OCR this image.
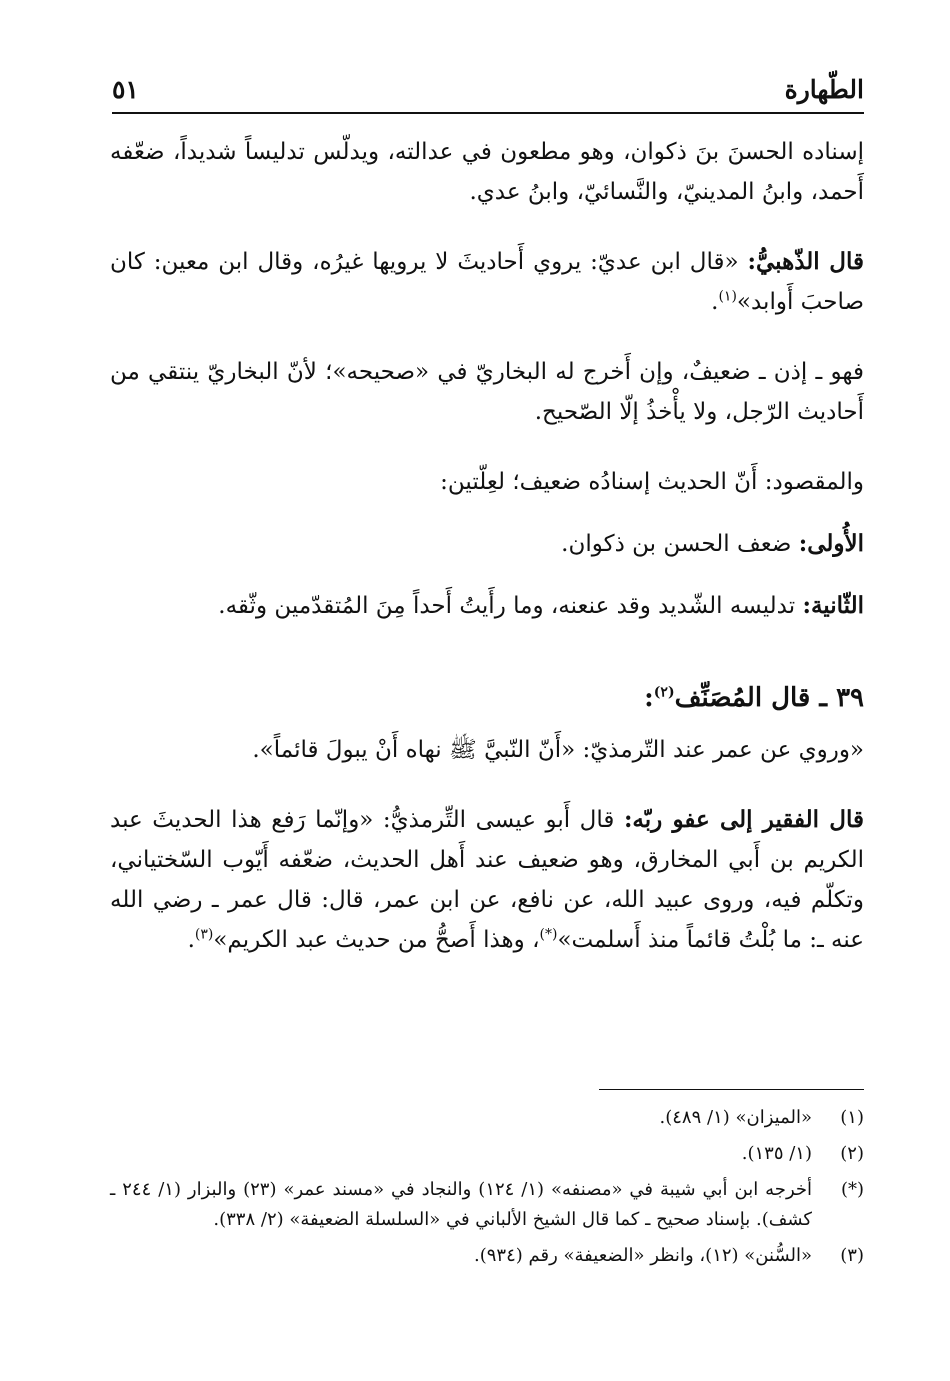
٥١	الطّهارة

إسناده الحسنَ بنَ ذكوان، وهو مطعون في عدالته، ويدلّس تدليساً شديداً، ضعّفه أَحمد، وابنُ المدينيّ، والنَّسائيّ، وابنُ عدي.

قال الذّهبيُّ: «قال ابن عديّ: يروي أَحاديثَ لا يرويها غيرُه، وقال ابن معين: كان صاحبَ أَوابد»$^{(١)}$.

فهو ـ إذن ـ ضعيفٌ، وإن أَخرج له البخاريّ في «صحيحه»؛ لأنّ البخاريّ ينتقي من أَحاديث الرّجل، ولا يأْخذُ إلّا الصّحيح.

والمقصود: أَنّ الحديث إسنادُه ضعيف؛ لعِلّتين:

الأُولى: ضعف الحسن بن ذكوان.

الثّانية: تدليسه الشّديد وقد عنعنه، وما رأَيتُ أَحداً مِنَ المُتقدّمين وثّقه.

٣٩ ـ قال المُصَنِّف$^{(٢)}$:

«وروي عن عمر عند التّرمذيّ: «أَنّ النّبيَّ ﷺ نهاه أَنْ يبولَ قائماً».

قال الفقير إلى عفو ربّه: قال أَبو عيسى التِّرمذيُّ: «وإنّما رَفع هذا الحديثَ عبد الكريم بن أَبي المخارق، وهو ضعيف عند أَهل الحديث، ضعّفه أَيّوب السّختياني، وتكلّم فيه، وروى عبيد الله، عن نافع، عن ابن عمر، قال: قال عمر ـ رضي الله عنه ـ: ما بُلْتُ قائماً منذ أَسلمت»(*)، وهذا أَصحُّ من حديث عبد الكريم»$^{(٣)}$.

(١)
«الميزان» (١/ ٤٨٩).
(٢)
(١/ ١٣٥).
(*)
أخرجه ابن أبي شيبة في «مصنفه» (١/ ١٢٤) والنجاد في «مسند عمر» (٢٣) والبزار (١/ ٢٤٤ ـ كشف). بإسناد صحيح ـ كما قال الشيخ الألباني في «السلسلة الضعيفة» (٢/ ٣٣٨).
(٣)
«السُّنن» (١٢)، وانظر «الضعيفة» رقم (٩٣٤).
